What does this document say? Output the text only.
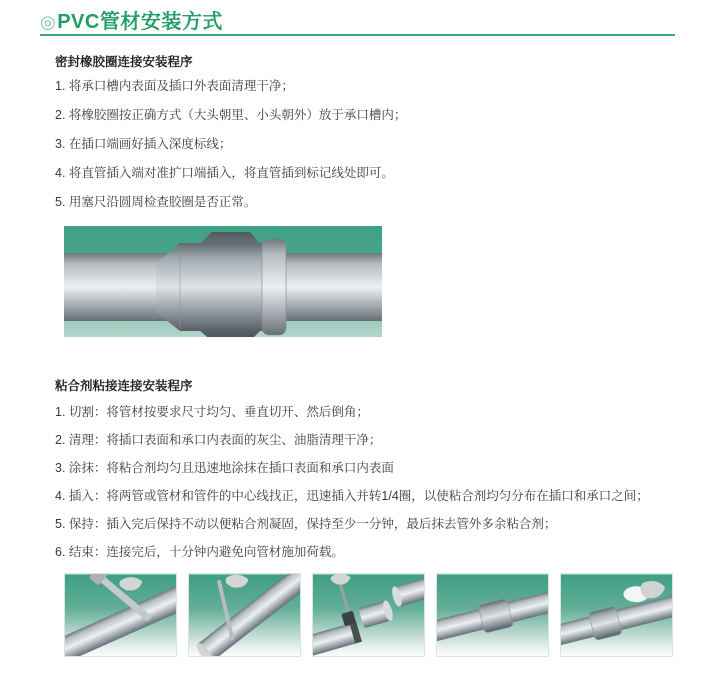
◎PVC管材安装方式
密封橡胶圈连接安装程序

1. 将承口槽内表面及插口外表面清理干净；

2. 将橡胶圈按正确方式（大头朝里、小头朝外）放于承口槽内；

3. 在插口端画好插入深度标线；

4. 将直管插入端对准扩口端插入，将直管插到标记线处即可。

5. 用塞尺沿圆周检查胶圈是否正常。

粘合剂粘接连接安装程序

1. 切割：将管材按要求尺寸均匀、垂直切开、然后倒角；

2. 清理：将插口表面和承口内表面的灰尘、油脂清理干净；

3. 涂抹：将粘合剂均匀且迅速地涂抹在插口表面和承口内表面

4. 插入：将两管或管材和管件的中心线找正，迅速插入并转1/4圈，以使粘合剂均匀分布在插口和承口之间；

5. 保持：插入完后保持不动以便粘合剂凝固，保持至少一分钟，最后抹去管外多余粘合剂；

6. 结束：连接完后，十分钟内避免向管材施加荷载。
